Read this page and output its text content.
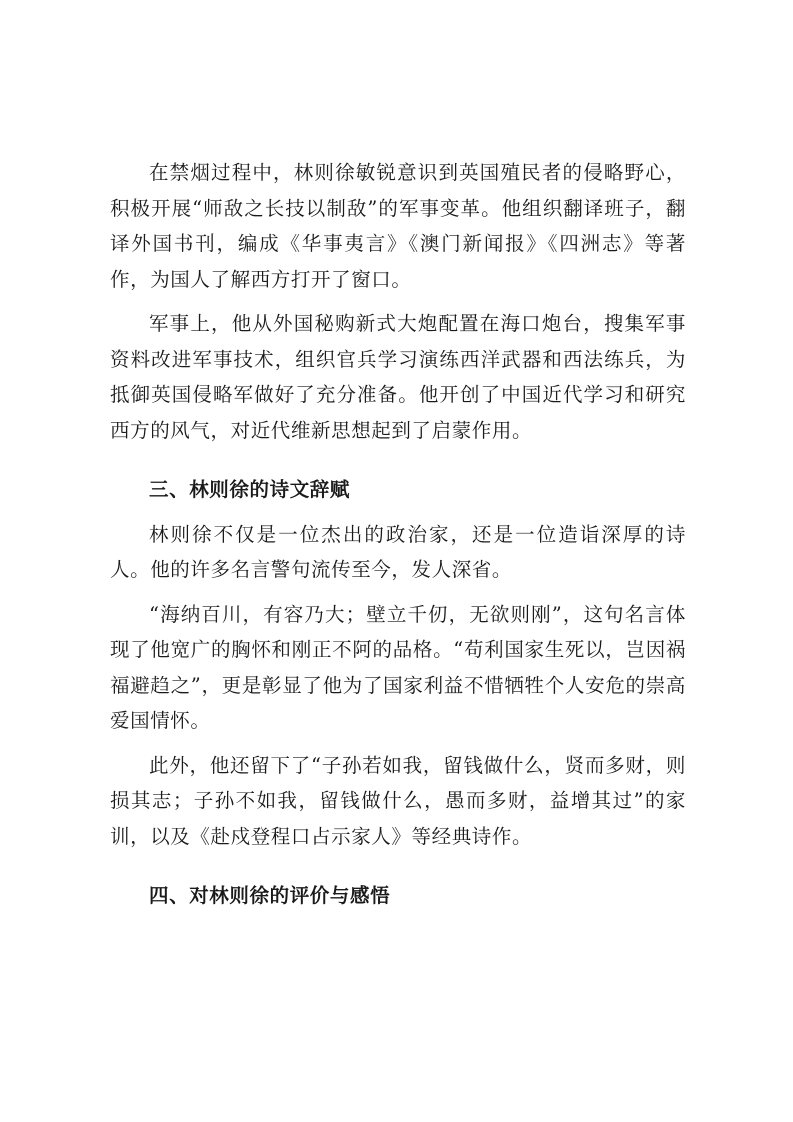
在禁烟过程中，林则徐敏锐意识到英国殖民者的侵略野心，积极开展“师敌之长技以制敌”的军事变革。他组织翻译班子，翻译外国书刊，编成《华事夷言》《澳门新闻报》《四洲志》等著作，为国人了解西方打开了窗口。

军事上，他从外国秘购新式大炮配置在海口炮台，搜集军事资料改进军事技术，组织官兵学习演练西洋武器和西法练兵，为抵御英国侵略军做好了充分准备。他开创了中国近代学习和研究西方的风气，对近代维新思想起到了启蒙作用。

三、林则徐的诗文辞赋

林则徐不仅是一位杰出的政治家，还是一位造诣深厚的诗人。他的许多名言警句流传至今，发人深省。

“海纳百川，有容乃大；壁立千仞，无欲则刚”，这句名言体现了他宽广的胸怀和刚正不阿的品格。“苟利国家生死以，岂因祸福避趋之”，更是彰显了他为了国家利益不惜牺牲个人安危的崇高爱国情怀。

此外，他还留下了“子孙若如我，留钱做什么，贤而多财，则损其志；子孙不如我，留钱做什么，愚而多财，益增其过”的家训，以及《赴戍登程口占示家人》等经典诗作。

四、对林则徐的评价与感悟
